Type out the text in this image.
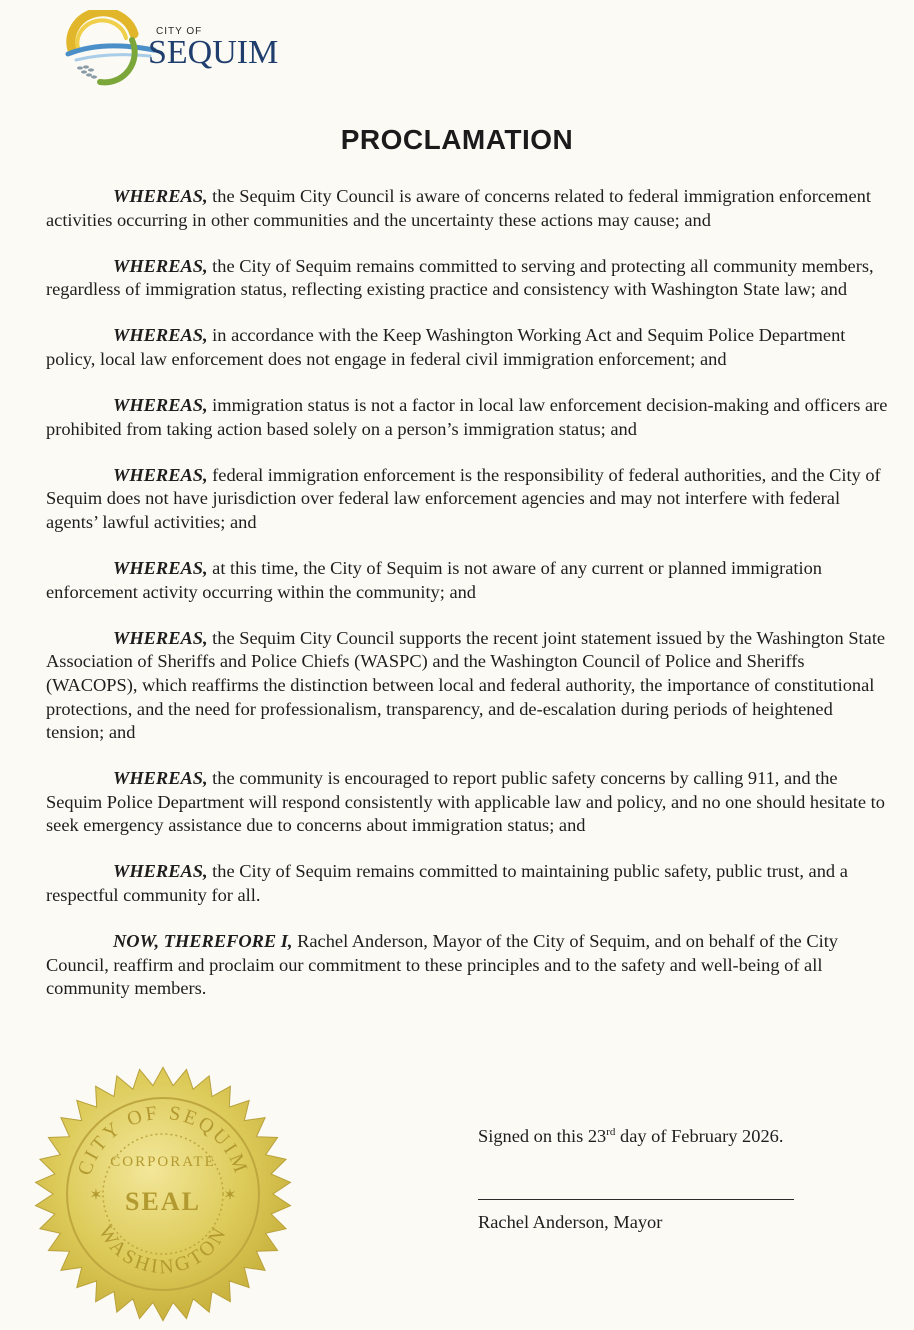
CITY OF
SEQUIM
PROCLAMATION

WHEREAS, the Sequim City Council is aware of concerns related to federal immigration enforcement activities occurring in other communities and the uncertainty these actions may cause; and

WHEREAS, the City of Sequim remains committed to serving and protecting all community members, regardless of immigration status, reflecting existing practice and consistency with Washington State law; and

WHEREAS, in accordance with the Keep Washington Working Act and Sequim Police Department policy, local law enforcement does not engage in federal civil immigration enforcement; and

WHEREAS, immigration status is not a factor in local law enforcement decision-making and officers are prohibited from taking action based solely on a person’s immigration status; and

WHEREAS, federal immigration enforcement is the responsibility of federal authorities, and the City of Sequim does not have jurisdiction over federal law enforcement agencies and may not interfere with federal agents’ lawful activities; and

WHEREAS, at this time, the City of Sequim is not aware of any current or planned immigration enforcement activity occurring within the community; and

WHEREAS, the Sequim City Council supports the recent joint statement issued by the Washington State Association of Sheriffs and Police Chiefs (WASPC) and the Washington Council of Police and Sheriffs (WACOPS), which reaffirms the distinction between local and federal authority, the importance of constitutional protections, and the need for professionalism, transparency, and de-escalation during periods of heightened tension; and

WHEREAS, the community is encouraged to report public safety concerns by calling 911, and the Sequim Police Department will respond consistently with applicable law and policy, and no one should hesitate to seek emergency assistance due to concerns about immigration status; and

WHEREAS, the City of Sequim remains committed to maintaining public safety, public trust, and a respectful community for all.

NOW, THEREFORE I, Rachel Anderson, Mayor of the City of Sequim, and on behalf of the City Council, reaffirm and proclaim our commitment to these principles and to the safety and well-being of all community members.

CITY OF SEQUIM
WASHINGTON
CORPORATE
SEAL
✶	✶
Signed on this 23rd day of February 2026.
Rachel Anderson, Mayor
